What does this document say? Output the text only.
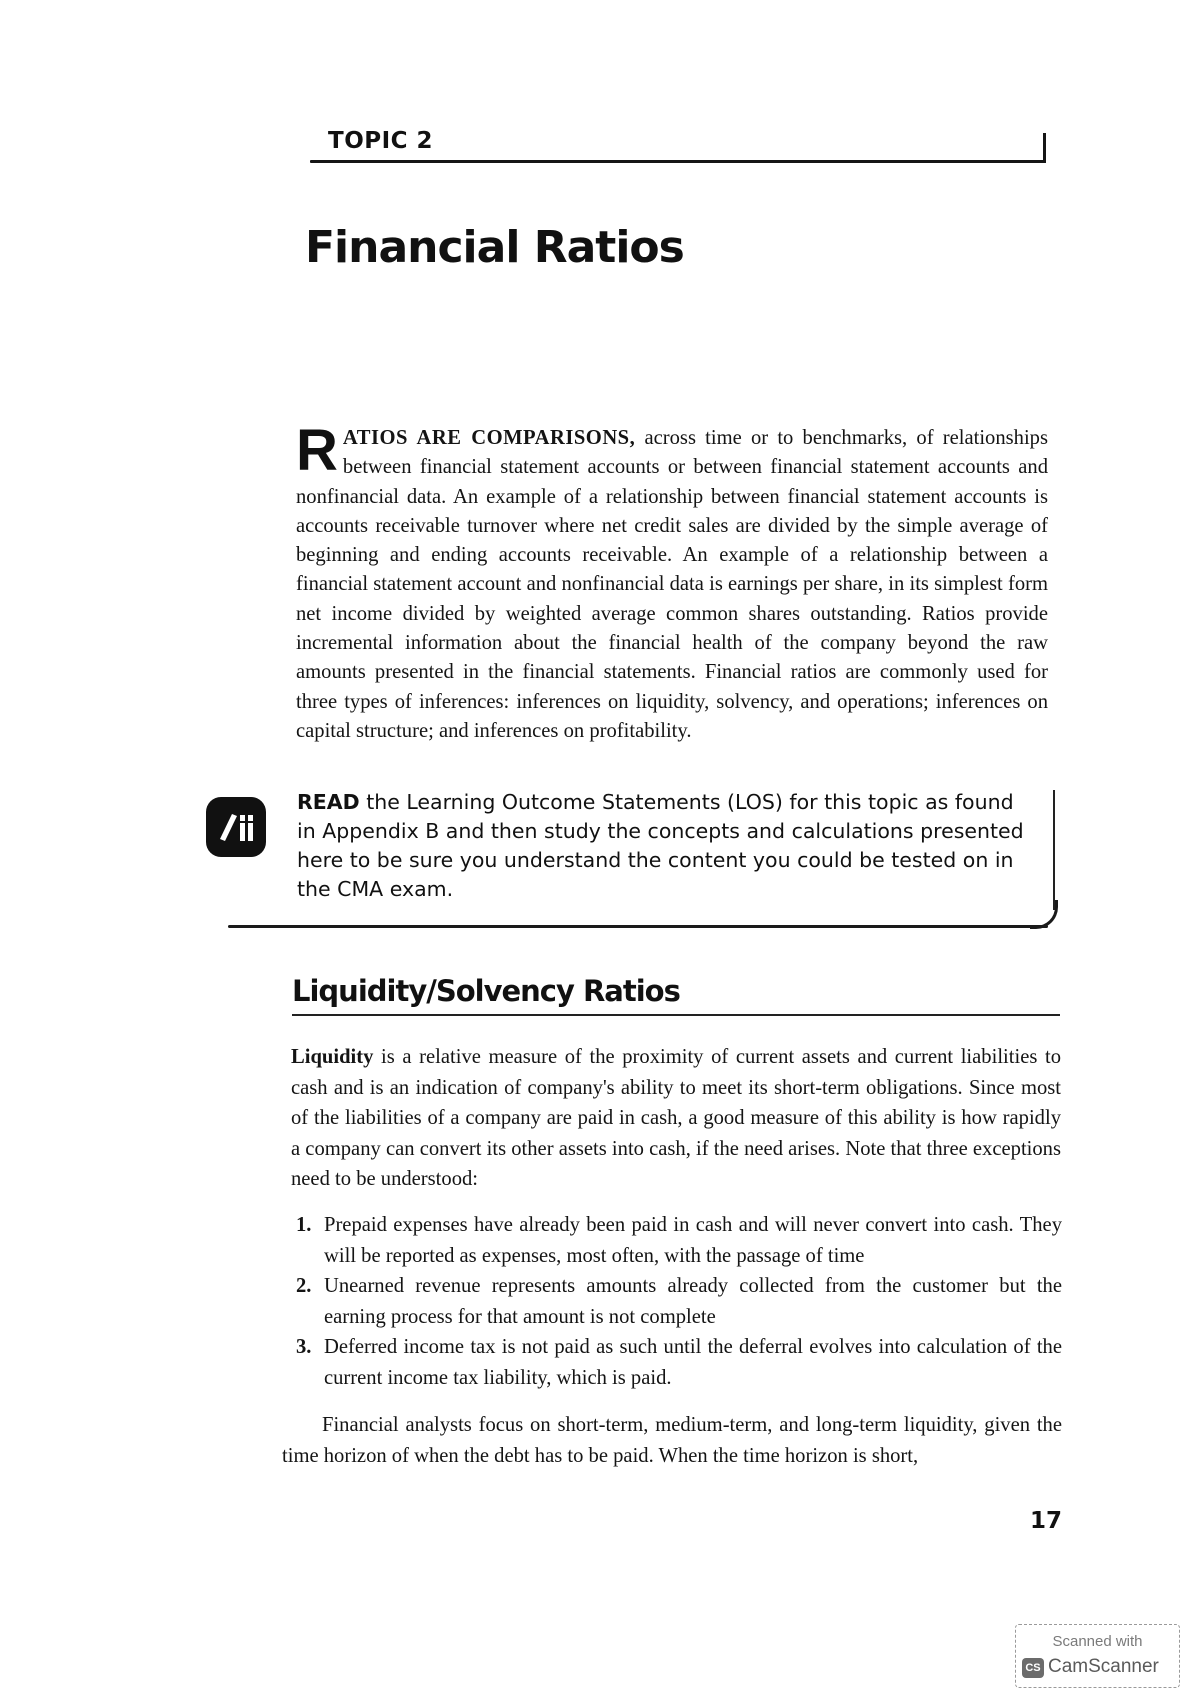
TOPIC 2
Financial Ratios
RATIOS ARE COMPARISONS, across time or to benchmarks, of relationships between financial statement accounts or between financial statement accounts and nonfinancial data. An example of a relationship between financial statement accounts is accounts receivable turnover where net credit sales are divided by the simple average of beginning and ending accounts receivable. An example of a relationship between a financial statement account and nonfinancial data is earnings per share, in its simplest form net income divided by weighted average common shares outstanding. Ratios provide incremental information about the financial health of the company beyond the raw amounts presented in the financial statements. Financial ratios are commonly used for three types of inferences: inferences on liquidity, solvency, and operations; inferences on capital structure; and inferences on profitability.
READ the Learning Outcome Statements (LOS) for this topic as found in Appendix B and then study the concepts and calculations presented here to be sure you understand the content you could be tested on in the CMA exam.
Liquidity/Solvency Ratios
Liquidity is a relative measure of the proximity of current assets and current liabilities to cash and is an indication of company's ability to meet its short-term obligations. Since most of the liabilities of a company are paid in cash, a good measure of this ability is how rapidly a company can convert its other assets into cash, if the need arises. Note that three exceptions need to be understood:
1. Prepaid expenses have already been paid in cash and will never convert into cash. They will be reported as expenses, most often, with the passage of time
2. Unearned revenue represents amounts already collected from the customer but the earning process for that amount is not complete
3. Deferred income tax is not paid as such until the deferral evolves into calculation of the current income tax liability, which is paid.
Financial analysts focus on short-term, medium-term, and long-term liquidity, given the time horizon of when the debt has to be paid. When the time horizon is short,
17
Scanned with
CS CamScanner
